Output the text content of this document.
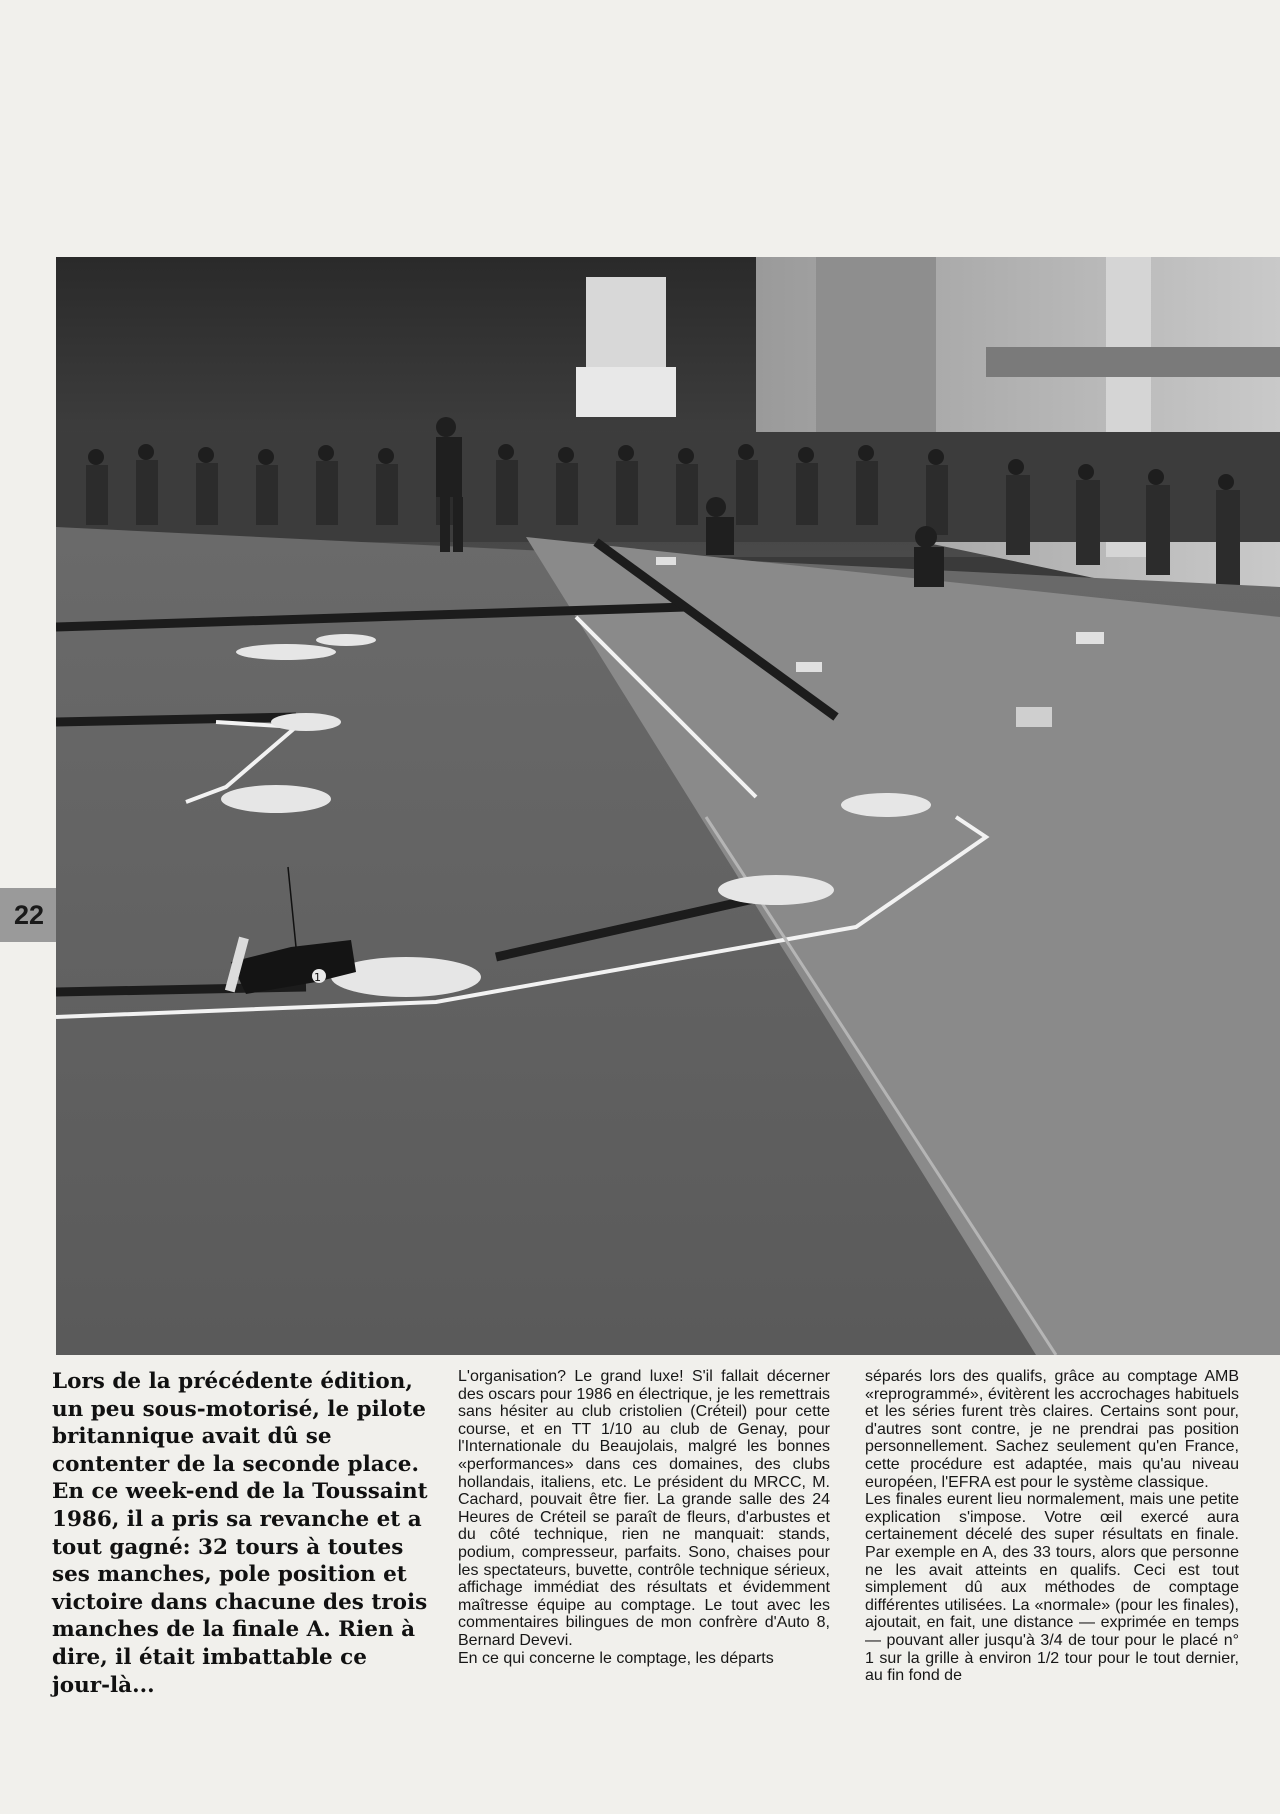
22
1
Lors de la précédente édition, un peu sous-motorisé, le pilote britannique avait dû se contenter de la seconde place. En ce week-end de la Toussaint 1986, il a pris sa revanche et a tout gagné: 32 tours à toutes ses manches, pole position et victoire dans chacune des trois manches de la finale A. Rien à dire, il était imbattable ce jour-là...

L'organisation? Le grand luxe! S'il fallait décerner des oscars pour 1986 en électrique, je les remettrais sans hésiter au club cristolien (Créteil) pour cette course, et en TT 1/10 au club de Genay, pour l'Internationale du Beaujolais, malgré les bonnes «performances» dans ces domaines, des clubs hollandais, italiens, etc. Le président du MRCC, M. Cachard, pouvait être fier. La grande salle des 24 Heures de Créteil se paraît de fleurs, d'arbustes et du côté technique, rien ne manquait: stands, podium, compresseur, parfaits. Sono, chaises pour les spectateurs, buvette, contrôle technique sérieux, affichage immédiat des résultats et évidemment maîtresse équipe au comptage. Le tout avec les commentaires bilingues de mon confrère d'Auto 8, Bernard Devevi.

En ce qui concerne le comptage, les départs

séparés lors des qualifs, grâce au comptage AMB «reprogrammé», évitèrent les accrochages habituels et les séries furent très claires. Certains sont pour, d'autres sont contre, je ne prendrai pas position personnellement. Sachez seulement qu'en France, cette procédure est adaptée, mais qu'au niveau européen, l'EFRA est pour le système classique.

Les finales eurent lieu normalement, mais une petite explication s'impose. Votre œil exercé aura certainement décelé des super résultats en finale. Par exemple en A, des 33 tours, alors que personne ne les avait atteints en qualifs. Ceci est tout simplement dû aux méthodes de comptage différentes utilisées. La «normale» (pour les finales), ajoutait, en fait, une distance — exprimée en temps — pouvant aller jusqu'à 3/4 de tour pour le placé n° 1 sur la grille à environ 1/2 tour pour le tout dernier, au fin fond de
